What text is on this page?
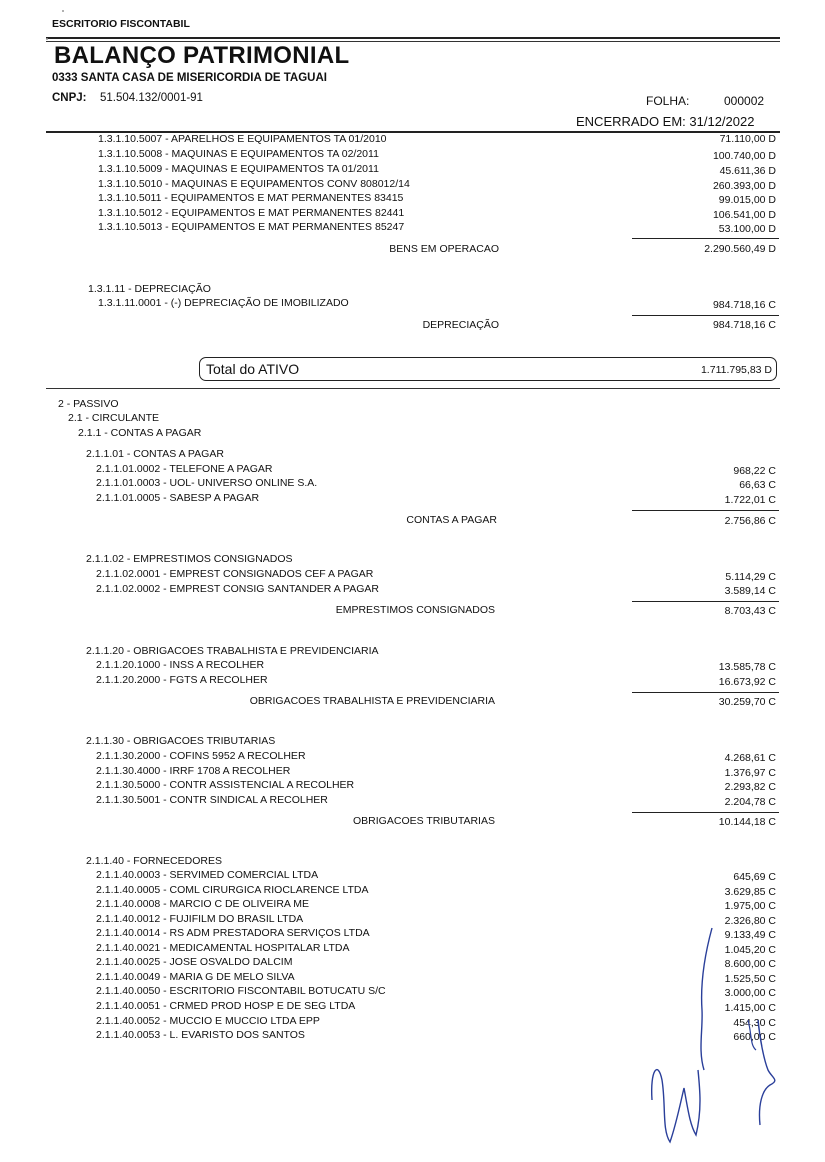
ESCRITORIO FISCONTABIL
BALANÇO PATRIMONIAL
0333 SANTA CASA DE MISERICORDIA DE TAGUAI
CNPJ: 51.504.132/0001-91	FOLHA:	000002
ENCERRADO EM: 31/12/2022
1.3.1.10.5007 - APARELHOS E EQUIPAMENTOS TA 01/2010	71.110,00 D
1.3.1.10.5008 - MAQUINAS E EQUIPAMENTOS TA 02/2011	100.740,00 D
1.3.1.10.5009 - MAQUINAS E EQUIPAMENTOS TA 01/2011	45.611,36 D
1.3.1.10.5010 - MAQUINAS E EQUIPAMENTOS CONV 808012/14	260.393,00 D
1.3.1.10.5011 - EQUIPAMENTOS E MAT PERMANENTES 83415	99.015,00 D
1.3.1.10.5012 - EQUIPAMENTOS E MAT PERMANENTES 82441	106.541,00 D
1.3.1.10.5013 - EQUIPAMENTOS E MAT PERMANENTES 85247	53.100,00 D
BENS EM OPERACAO	2.290.560,49 D
1.3.1.11 - DEPRECIAÇÃO
1.3.1.11.0001 - (-) DEPRECIAÇÃO DE IMOBILIZADO	984.718,16 C
DEPRECIAÇÃO	984.718,16 C
Total do ATIVO	1.711.795,83 D
2 - PASSIVO
2.1 - CIRCULANTE
2.1.1 - CONTAS A PAGAR
2.1.1.01 - CONTAS A PAGAR
2.1.1.01.0002 - TELEFONE A PAGAR	968,22 C
2.1.1.01.0003 - UOL- UNIVERSO ONLINE S.A.	66,63 C
2.1.1.01.0005 - SABESP A PAGAR	1.722,01 C
CONTAS A PAGAR	2.756,86 C
2.1.1.02 - EMPRESTIMOS CONSIGNADOS
2.1.1.02.0001 - EMPREST CONSIGNADOS CEF A PAGAR	5.114,29 C
2.1.1.02.0002 - EMPREST CONSIG SANTANDER A PAGAR	3.589,14 C
EMPRESTIMOS CONSIGNADOS	8.703,43 C
2.1.1.20 - OBRIGACOES TRABALHISTA E PREVIDENCIARIA
2.1.1.20.1000 - INSS A RECOLHER	13.585,78 C
2.1.1.20.2000 - FGTS A RECOLHER	16.673,92 C
OBRIGACOES TRABALHISTA E PREVIDENCIARIA	30.259,70 C
2.1.1.30 - OBRIGACOES TRIBUTARIAS
2.1.1.30.2000 - COFINS 5952 A RECOLHER	4.268,61 C
2.1.1.30.4000 - IRRF 1708 A RECOLHER	1.376,97 C
2.1.1.30.5000 - CONTR ASSISTENCIAL A RECOLHER	2.293,82 C
2.1.1.30.5001 - CONTR SINDICAL A RECOLHER	2.204,78 C
OBRIGACOES TRIBUTARIAS	10.144,18 C
2.1.1.40 - FORNECEDORES
2.1.1.40.0003 - SERVIMED COMERCIAL LTDA	645,69 C
2.1.1.40.0005 - COML CIRURGICA RIOCLARENCE LTDA	3.629,85 C
2.1.1.40.0008 - MARCIO C DE OLIVEIRA ME	1.975,00 C
2.1.1.40.0012 - FUJIFILM DO BRASIL LTDA	2.326,80 C
2.1.1.40.0014 - RS ADM PRESTADORA SERVIÇOS LTDA	9.133,49 C
2.1.1.40.0021 - MEDICAMENTAL HOSPITALAR LTDA	1.045,20 C
2.1.1.40.0025 - JOSE OSVALDO DALCIM	8.600,00 C
2.1.1.40.0049 - MARIA G DE MELO SILVA	1.525,50 C
2.1.1.40.0050 - ESCRITORIO FISCONTABIL BOTUCATU S/C	3.000,00 C
2.1.1.40.0051 - CRMED PROD HOSP E DE SEG LTDA	1.415,00 C
2.1.1.40.0052 - MUCCIO E MUCCIO LTDA EPP	454,30 C
2.1.1.40.0053 - L. EVARISTO DOS SANTOS	660,00 C
